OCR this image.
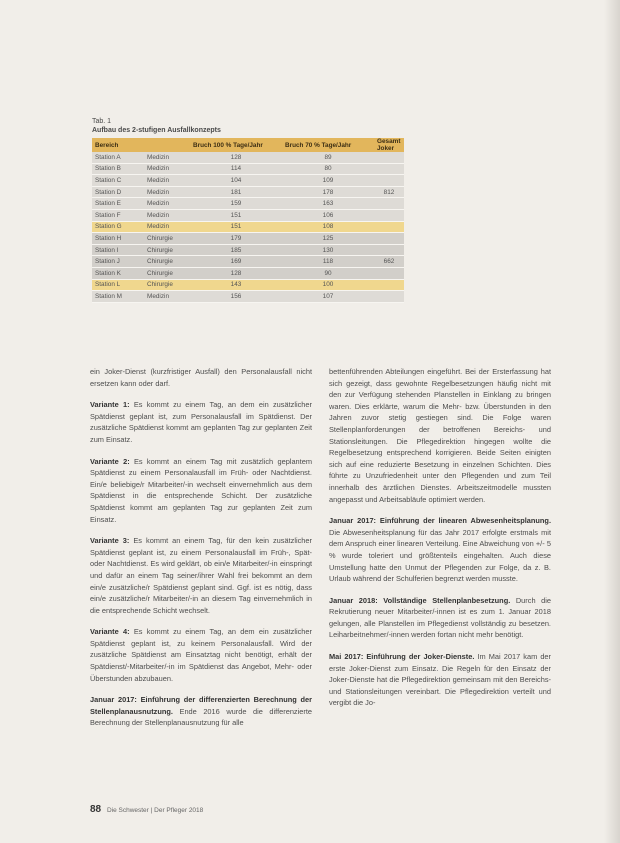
Tab. 1
Aufbau des 2-stufigen Ausfallkonzepts
Bereich		Bruch 100 % Tage/Jahr	Bruch 70 % Tage/Jahr	Gesamt Joker
Station A	Medizin	128	89	
Station B	Medizin	114	80	
Station C	Medizin	104	109	
Station D	Medizin	181	178	812
Station E	Medizin	159	163	
Station F	Medizin	151	106	
Station G	Medizin	151	108	
Station H	Chirurgie	179	125	
Station I	Chirurgie	185	130	
Station J	Chirurgie	169	118	662
Station K	Chirurgie	128	90	
Station L	Chirurgie	143	100	
Station M	Medizin	156	107	

ein Joker-Dienst (kurzfristiger Ausfall) den Personalausfall nicht ersetzen kann oder darf.

Variante 1: Es kommt zu einem Tag, an dem ein zusätzlicher Spätdienst geplant ist, zum Personalausfall im Spätdienst. Der zusätzliche Spätdienst kommt am geplanten Tag zur geplanten Zeit zum Einsatz.

Variante 2: Es kommt an einem Tag mit zusätzlich geplantem Spätdienst zu einem Personalausfall im Früh- oder Nachtdienst. Ein/e beliebige/r Mitarbeiter/-in wechselt einvernehmlich aus dem Spätdienst in die entsprechende Schicht. Der zusätzliche Spätdienst kommt am geplanten Tag zur geplanten Zeit zum Einsatz.

Variante 3: Es kommt an einem Tag, für den kein zusätzlicher Spätdienst geplant ist, zu einem Personalausfall im Früh-, Spät- oder Nachtdienst. Es wird geklärt, ob ein/e Mitarbeiter/-in einspringt und dafür an einem Tag seiner/ihrer Wahl frei bekommt an dem ein/e zusätzliche/r Spätdienst geplant sind. Ggf. ist es nötig, dass ein/e zusätzliche/r Mitarbeiter/-in an diesem Tag einvernehmlich in die entsprechende Schicht wechselt.

Variante 4: Es kommt zu einem Tag, an dem ein zusätzlicher Spätdienst geplant ist, zu keinem Personalausfall. Wird der zusätzliche Spätdienst am Einsatztag nicht benötigt, erhält der Spätdienst/-Mitarbeiter/-in im Spätdienst das Angebot, Mehr- oder Überstunden abzubauen.

Januar 2017: Einführung der differenzierten Berechnung der Stellenplanausnutzung. Ende 2016 wurde die differenzierte Berechnung der Stellenplanausnutzung für alle

bettenführenden Abteilungen eingeführt. Bei der Ersterfassung hat sich gezeigt, dass gewohnte Regelbesetzungen häufig nicht mit den zur Verfügung stehenden Planstellen in Einklang zu bringen waren. Dies erklärte, warum die Mehr- bzw. Überstunden in den Jahren zuvor stetig gestiegen sind. Die Folge waren Stellenplanforderungen der betroffenen Bereichs- und Stationsleitungen. Die Pflegedirektion hingegen wollte die Regelbesetzung entsprechend korrigieren. Beide Seiten einigten sich auf eine reduzierte Besetzung in einzelnen Schichten. Dies führte zu Unzufriedenheit unter den Pflegenden und zum Teil innerhalb des ärztlichen Dienstes. Arbeitszeitmodelle mussten angepasst und Arbeitsabläufe optimiert werden.

Januar 2017: Einführung der linearen Abwesenheitsplanung. Die Abwesenheitsplanung für das Jahr 2017 erfolgte erstmals mit dem Anspruch einer linearen Verteilung. Eine Abweichung von +/- 5 % wurde toleriert und größtenteils eingehalten. Auch diese Umstellung hatte den Unmut der Pflegenden zur Folge, da z. B. Urlaub während der Schulferien begrenzt werden musste.

Januar 2018: Vollständige Stellenplanbesetzung. Durch die Rekrutierung neuer Mitarbeiter/-innen ist es zum 1. Januar 2018 gelungen, alle Planstellen im Pflegedienst vollständig zu besetzen. Leiharbeitnehmer/-innen werden fortan nicht mehr benötigt.

Mai 2017: Einführung der Joker-Dienste. Im Mai 2017 kam der erste Joker-Dienst zum Einsatz. Die Regeln für den Einsatz der Joker-Dienste hat die Pflegedirektion gemeinsam mit den Bereichs- und Stationsleitungen vereinbart. Die Pflegedirektion verteilt und vergibt die Jo-

88 Die Schwester | Der Pfleger 2018
